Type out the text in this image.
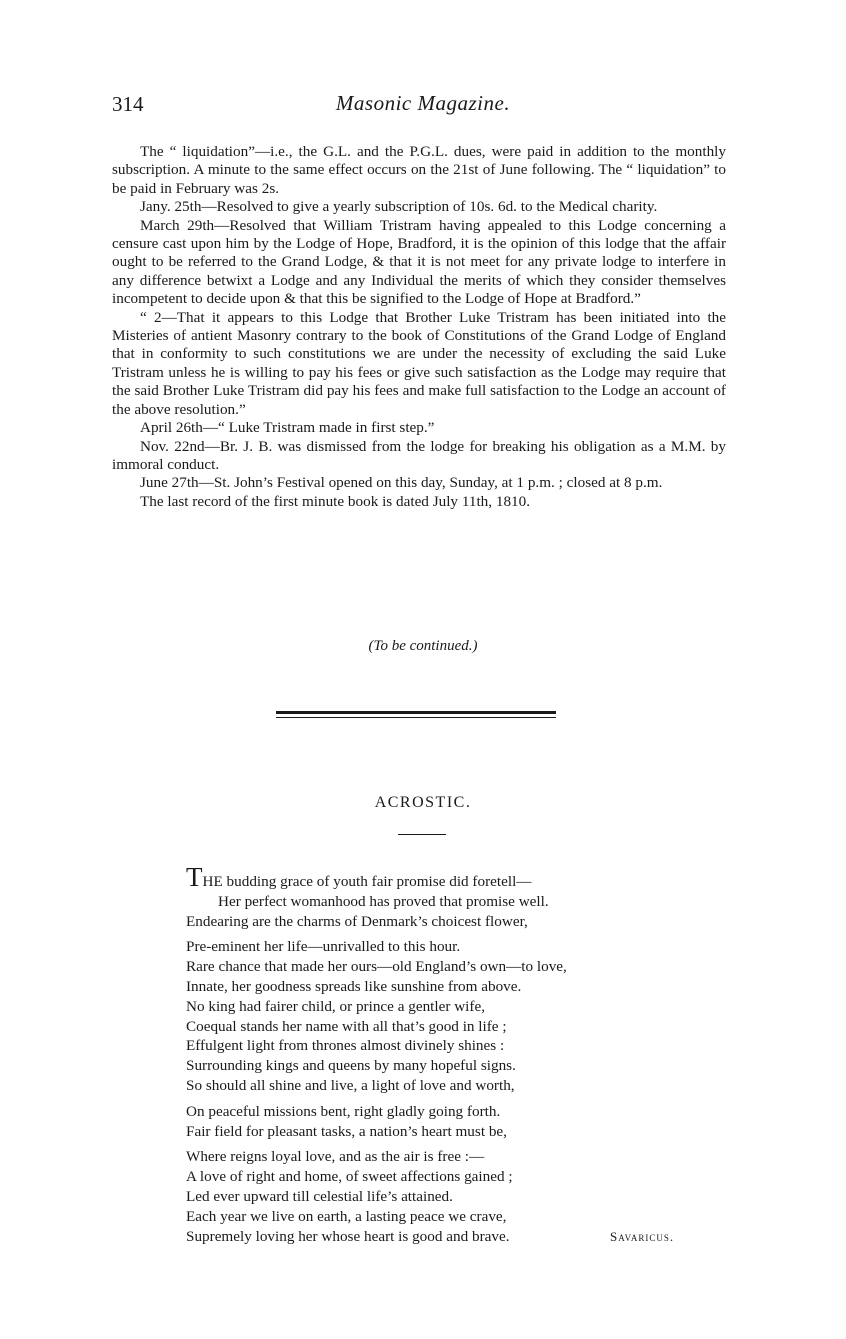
314	Masonic Magazine.

The “ liquidation”—i.e., the G.L. and the P.G.L. dues, were paid in addition to the monthly subscription. A minute to the same effect occurs on the 21st of June following. The “ liquidation” to be paid in February was 2s.

Jany. 25th—Resolved to give a yearly subscription of 10s. 6d. to the Medical charity.

March 29th—Resolved that William Tristram having appealed to this Lodge concerning a censure cast upon him by the Lodge of Hope, Bradford, it is the opinion of this lodge that the affair ought to be referred to the Grand Lodge, & that it is not meet for any private lodge to interfere in any difference betwixt a Lodge and any Individual the merits of which they consider themselves incompetent to decide upon & that this be signified to the Lodge of Hope at Bradford.”

“ 2—That it appears to this Lodge that Brother Luke Tristram has been initiated into the Misteries of antient Masonry contrary to the book of Constitutions of the Grand Lodge of England that in conformity to such constitutions we are under the necessity of excluding the said Luke Tristram unless he is willing to pay his fees or give such satisfaction as the Lodge may require that the said Brother Luke Tristram did pay his fees and make full satisfaction to the Lodge an account of the above resolution.”

April 26th—“ Luke Tristram made in first step.”

Nov. 22nd—Br. J. B. was dismissed from the lodge for breaking his obligation as a M.M. by immoral conduct.

June 27th—St. John’s Festival opened on this day, Sunday, at 1 p.m. ; closed at 8 p.m.

The last record of the first minute book is dated July 11th, 1810.

(To be continued.)
ACROSTIC.
THE budding grace of youth fair promise did foretell—
Her perfect womanhood has proved that promise well.
Endearing are the charms of Denmark’s choicest flower,
Pre-eminent her life—unrivalled to this hour.
Rare chance that made her ours—old England’s own—to love,
Innate, her goodness spreads like sunshine from above.
No king had fairer child, or prince a gentler wife,
Coequal stands her name with all that’s good in life ;
Effulgent light from thrones almost divinely shines :
Surrounding kings and queens by many hopeful signs.
So should all shine and live, a light of love and worth,
On peaceful missions bent, right gladly going forth.
Fair field for pleasant tasks, a nation’s heart must be,
Where reigns loyal love, and as the air is free :—
A love of right and home, of sweet affections gained ;
Led ever upward till celestial life’s attained.
Each year we live on earth, a lasting peace we crave,
Supremely loving her whose heart is good and brave.	Savaricus.
